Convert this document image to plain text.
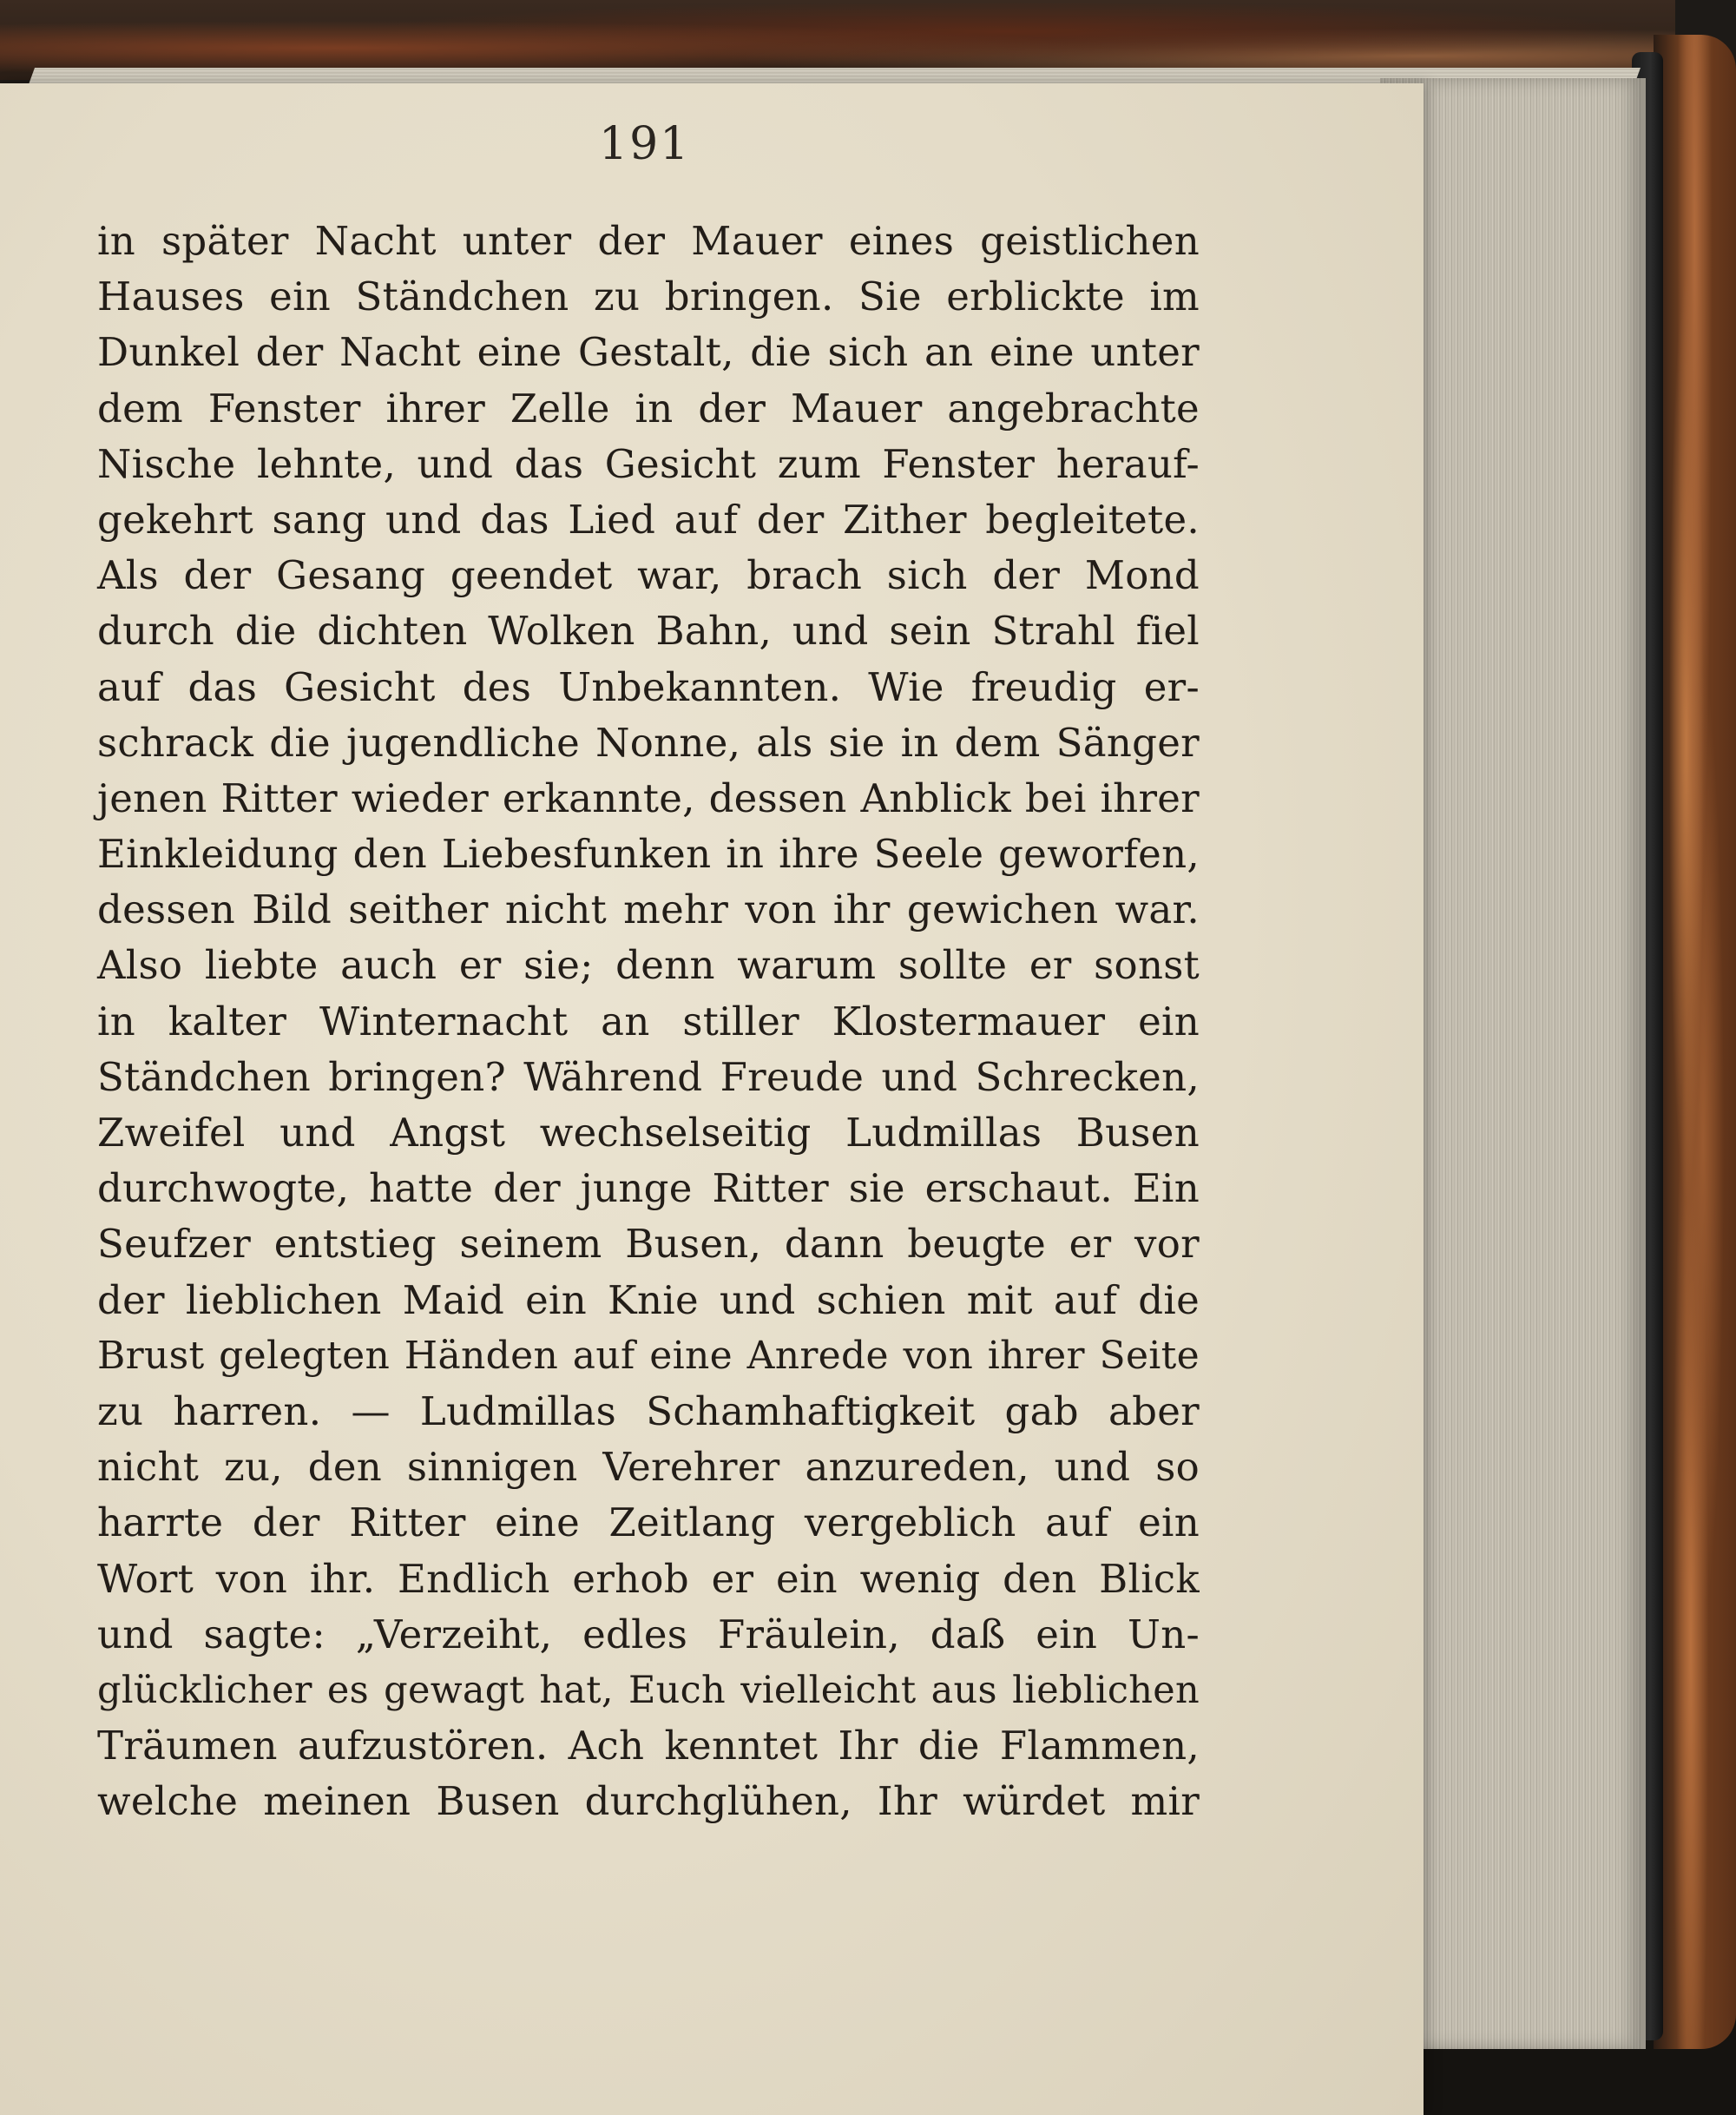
191
in später Nacht unter der Mauer eines geistlichen
Hauses ein Ständchen zu bringen. Sie erblickte im
Dunkel der Nacht eine Gestalt, die sich an eine unter
dem Fenster ihrer Zelle in der Mauer angebrachte
Nische lehnte, und das Gesicht zum Fenster herauf-
gekehrt sang und das Lied auf der Zither begleitete.
Als der Gesang geendet war, brach sich der Mond
durch die dichten Wolken Bahn, und sein Strahl fiel
auf das Gesicht des Unbekannten. Wie freudig er-
schrack die jugendliche Nonne, als sie in dem Sänger
jenen Ritter wieder erkannte, dessen Anblick bei ihrer
Einkleidung den Liebesfunken in ihre Seele geworfen,
dessen Bild seither nicht mehr von ihr gewichen war.
Also liebte auch er sie; denn warum sollte er sonst
in kalter Winternacht an stiller Klostermauer ein
Ständchen bringen? Während Freude und Schrecken,
Zweifel und Angst wechselseitig Ludmillas Busen
durchwogte, hatte der junge Ritter sie erschaut. Ein
Seufzer entstieg seinem Busen, dann beugte er vor
der lieblichen Maid ein Knie und schien mit auf die
Brust gelegten Händen auf eine Anrede von ihrer Seite
zu harren. — Ludmillas Schamhaftigkeit gab aber
nicht zu, den sinnigen Verehrer anzureden, und so
harrte der Ritter eine Zeitlang vergeblich auf ein
Wort von ihr. Endlich erhob er ein wenig den Blick
und sagte: „Verzeiht, edles Fräulein, daß ein Un-
glücklicher es gewagt hat, Euch vielleicht aus lieblichen
Träumen aufzustören. Ach kenntet Ihr die Flammen,
welche meinen Busen durchglühen, Ihr würdet mir
